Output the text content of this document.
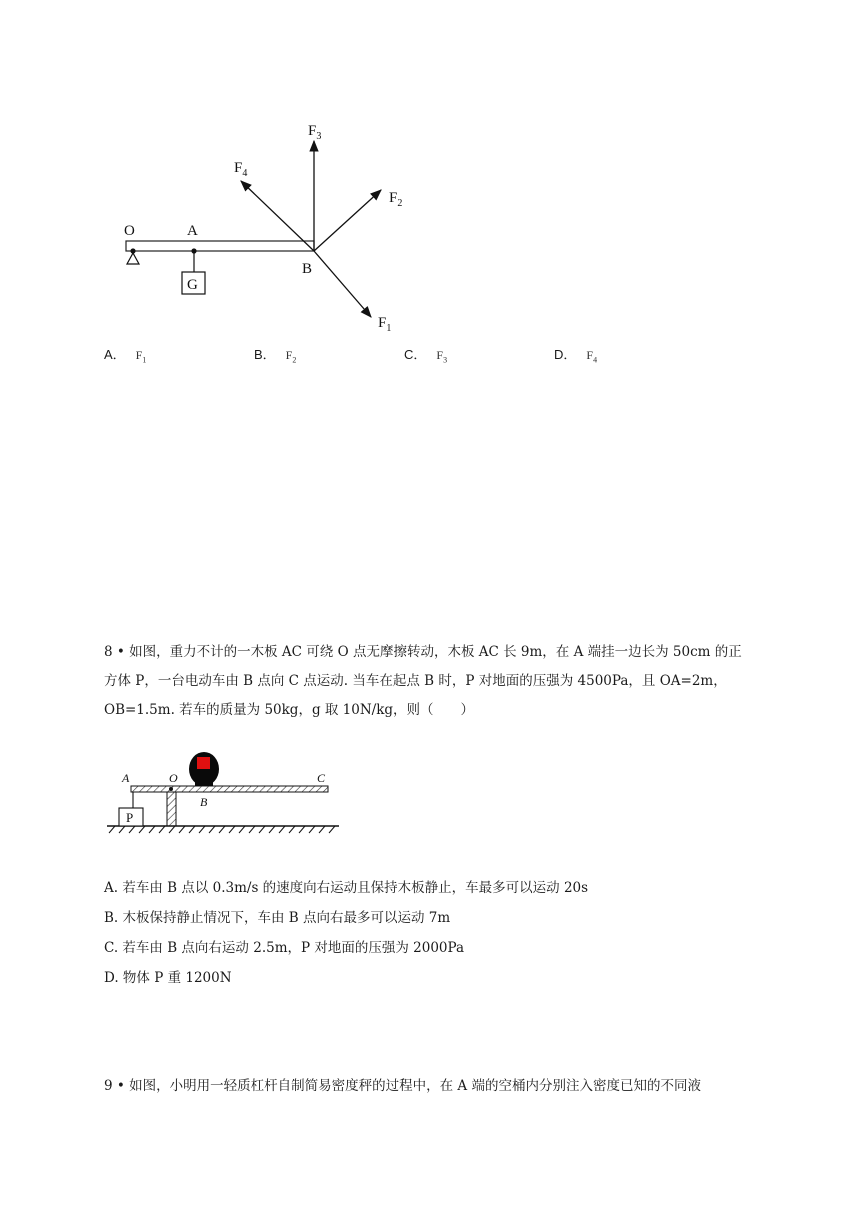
O	A
G
B
$F_3$
$F_4$
$F_2$
$F_1$
A． $F_1$	B． $F_2$	C． $F_3$	D． $F_4$
8 • 如图，重力不计的一木板 AC 可绕 O 点无摩擦转动，木板 AC 长 9m，在 A 端挂一边长为 50cm 的正
方体 P，一台电动车由 B 点向 C 点运动. 当车在起点 B 时，P 对地面的压强为 4500Pa，且 OA=2m，
OB=1.5m. 若车的质量为 50kg，g 取 10N/kg，则（　　）
A	O	C
B
P
A. 若车由 B 点以 0.3m/s 的速度向右运动且保持木板静止，车最多可以运动 20s
B. 木板保持静止情况下，车由 B 点向右最多可以运动 7m
C. 若车由 B 点向右运动 2.5m，P 对地面的压强为 2000Pa
D. 物体 P 重 1200N
9 • 如图，小明用一轻质杠杆自制简易密度秤的过程中，在 A 端的空桶内分别注入密度已知的不同液
